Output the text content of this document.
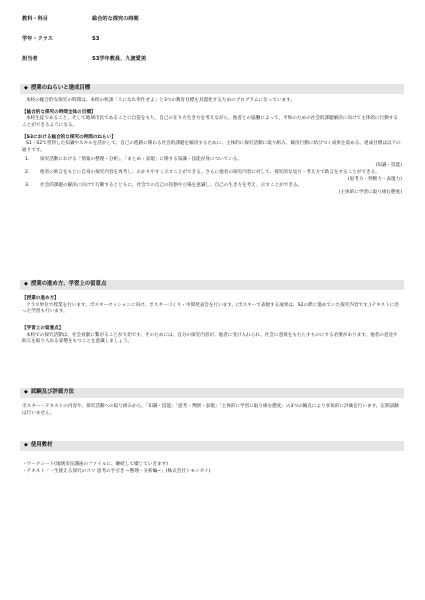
教科・科目	総合的な探究の時間
学年・クラス	S3
担当者	S3学年教員、九渡愛美
◆ 授業のねらいと達成目標

本校の総合的な探究の時間は、本校の校訓「人になれ奉仕せよ」と3つの教育目標を具現化するためのプログラムになっています。

【総合的な探究の時間全体の目標】

本校生徒であること、そして地域市民であることに自覚をもち、自己の在り方生き方を考えながら、他者との協働によって、平和のための社会的課題解決に向けて主体的に行動することができるようになる。

【S3における総合的な探究の時間のねらい】

S1・S2で習得した知識やスキルを活かして、自己の進路に関わる社会的課題を解決するために、主体的に探究活動に取り組み、解決行動に結びつく成果を収める。達成目標は以下の通りです。

1.	探究活動における「情報の整理・分析」、「まとめ・表現」に関する知識・技能が身についている。
(知識・技能)
2.	他者の助言をもとに自身の探究内容を再考し、わかりやすく示すことができる。さらに他者の探究内容に対して、探究的な見方・考え方で助言をすることができる。
(思考力・判断力・表現力)
3.	社会的課題の解決に向けて行動するとともに、社会での自己の役割や立場を意識し、自己の生き方を考え、示すことができる。
(主体的に学習に取り組む態度)
◆ 授業の進め方、学習上の留意点

【授業の進め方】

クラス単位で授業を行います。ポスターセッションに向け、ポスターづくり・中間発表会を行います。(ポスターで表現する成果は、S2の際に進めていた探究内容です。)テキストに沿った学習も行います。

【学習上の留意点】

本校での探究活動は、社会貢献に繋がることが大切です。そのためには、自分の探究内容が、他者に受け入れられ、社会に意義をもたらすものにする必要があります。他者の意見や助言を取り入れる姿勢をもつことを意識しましょう。

◆ 試験及び評価方法

ポスター・テキストの内容や、探究活動への取り組みから、「知識・技能」「思考・判断・表現」「主体的に学習に取り組む態度」の3つの観点により多角的に評価を行います。定期試験は行いません。

◆ 使用教材
・ワークシート(地域市民講座のファイルに、継続して綴じていきます)
・テキスト「一生使える探究のコツ 思考の手引き ~整理・分析編~」(株式会社トモノカイ)
